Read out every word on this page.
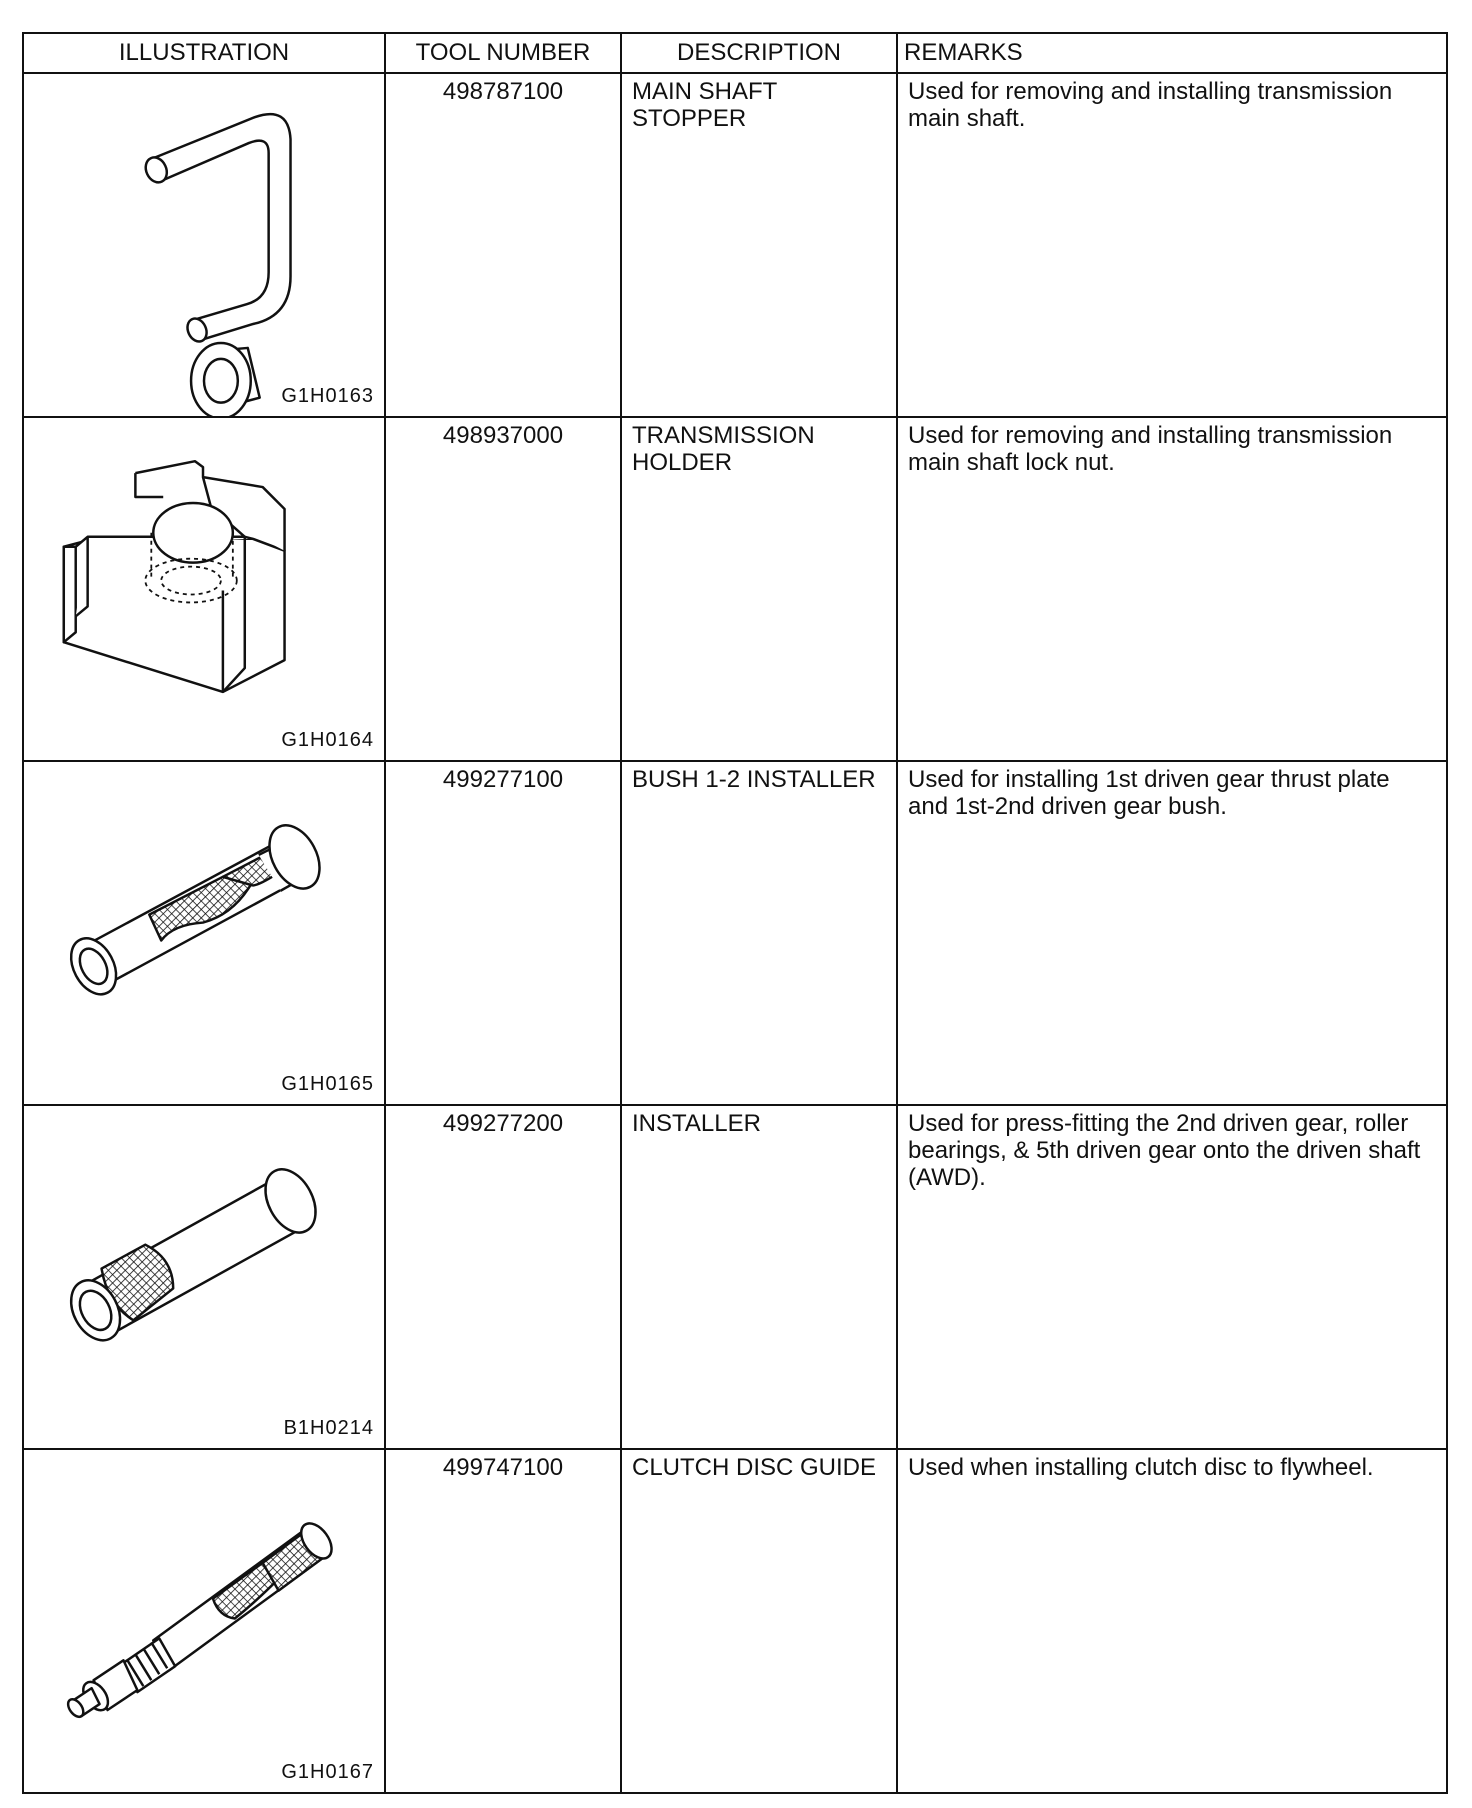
ILLUSTRATION	TOOL NUMBER	DESCRIPTION	REMARKS

G1H0163	498787100	MAIN SHAFT STOPPER	Used for removing and installing transmission main shaft.

G1H0164	498937000	TRANSMISSION HOLDER	Used for removing and installing transmission main shaft lock nut.

G1H0165	499277100	BUSH 1-2 INSTALLER	Used for installing 1st driven gear thrust plate and 1st-2nd driven gear bush.

B1H0214	499277200	INSTALLER	Used for press-fitting the 2nd driven gear, roller bearings, & 5th driven gear onto the driven shaft (AWD).

G1H0167	499747100	CLUTCH DISC GUIDE	Used when installing clutch disc to flywheel.
